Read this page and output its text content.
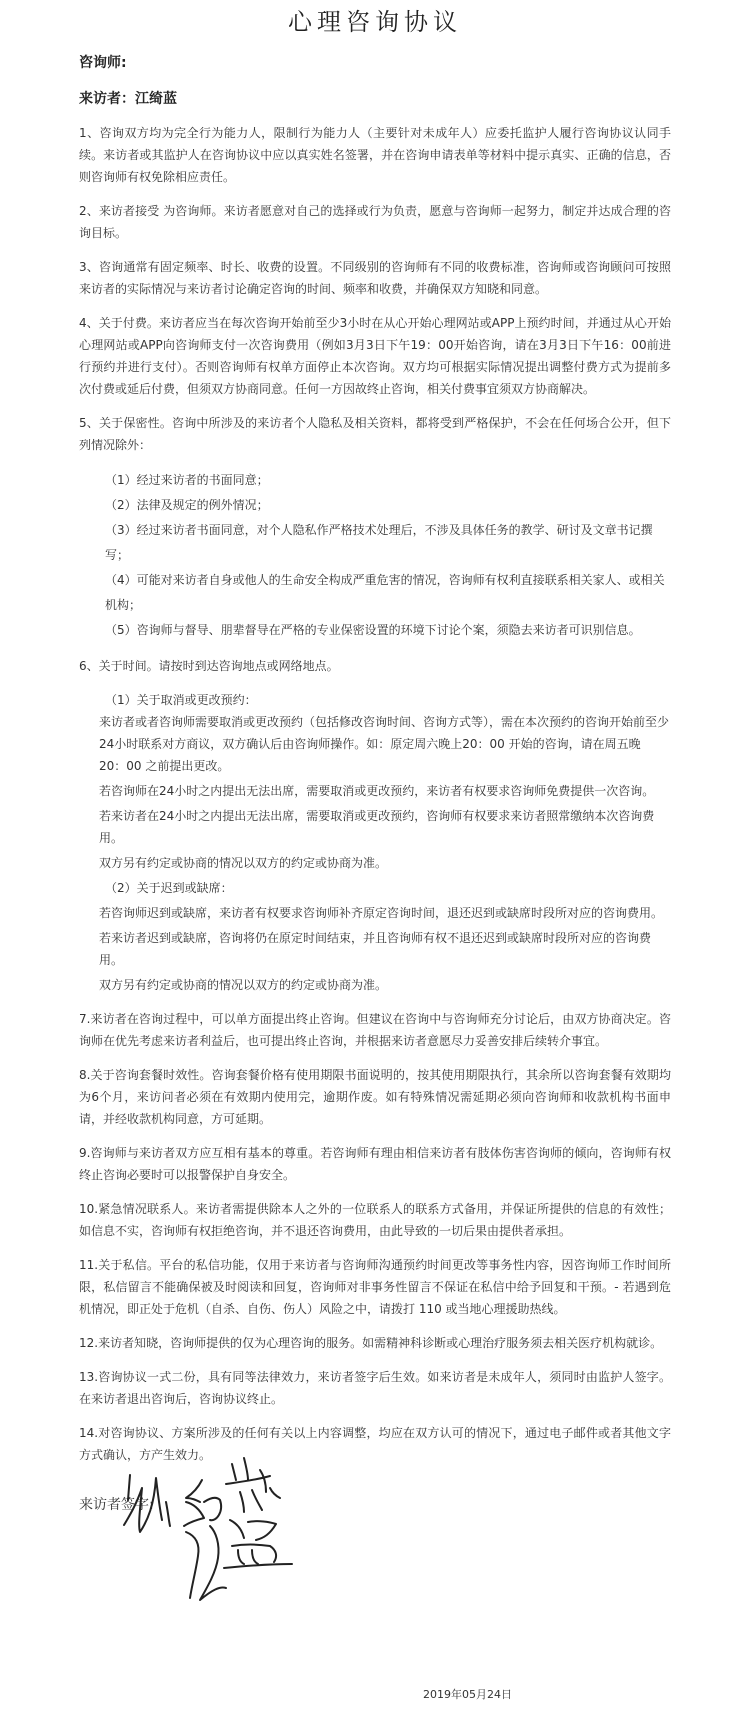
心理咨询协议
咨询师:
来访者：江绮蓝

1、咨询双方均为完全行为能力人，限制行为能力人（主要针对未成年人）应委托监护人履行咨询协议认同手续。来访者或其监护人在咨询协议中应以真实姓名签署，并在咨询申请表单等材料中提示真实、正确的信息，否则咨询师有权免除相应责任。

2、来访者接受 为咨询师。来访者愿意对自己的选择或行为负责，愿意与咨询师一起努力，制定并达成合理的咨询目标。

3、咨询通常有固定频率、时长、收费的设置。不同级别的咨询师有不同的收费标准，咨询师或咨询顾问可按照来访者的实际情况与来访者讨论确定咨询的时间、频率和收费，并确保双方知晓和同意。

4、关于付费。来访者应当在每次咨询开始前至少3小时在从心开始心理网站或APP上预约时间，并通过从心开始心理网站或APP向咨询师支付一次咨询费用（例如3月3日下午19：00开始咨询，请在3月3日下午16：00前进行预约并进行支付）。否则咨询师有权单方面停止本次咨询。双方均可根据实际情况提出调整付费方式为提前多次付费或延后付费，但须双方协商同意。任何一方因故终止咨询，相关付费事宜须双方协商解决。

5、关于保密性。咨询中所涉及的来访者个人隐私及相关资料，都将受到严格保护，不会在任何场合公开，但下列情况除外：

（1）经过来访者的书面同意；
（2）法律及规定的例外情况；
（3）经过来访者书面同意，对个人隐私作严格技术处理后，不涉及具体任务的教学、研讨及文章书记撰写；
（4）可能对来访者自身或他人的生命安全构成严重危害的情况，咨询师有权利直接联系相关家人、或相关机构；
（5）咨询师与督导、朋辈督导在严格的专业保密设置的环境下讨论个案，须隐去来访者可识别信息。

6、关于时间。请按时到达咨询地点或网络地点。

（1）关于取消或更改预约：
来访者或者咨询师需要取消或更改预约（包括修改咨询时间、咨询方式等），需在本次预约的咨询开始前至少24小时联系对方商议，双方确认后由咨询师操作。如：原定周六晚上20：00 开始的咨询，请在周五晚 20：00 之前提出更改。
若咨询师在24小时之内提出无法出席，需要取消或更改预约，来访者有权要求咨询师免费提供一次咨询。
若来访者在24小时之内提出无法出席，需要取消或更改预约，咨询师有权要求来访者照常缴纳本次咨询费用。
双方另有约定或协商的情况以双方的约定或协商为准。
（2）关于迟到或缺席：
若咨询师迟到或缺席，来访者有权要求咨询师补齐原定咨询时间，退还迟到或缺席时段所对应的咨询费用。
若来访者迟到或缺席，咨询将仍在原定时间结束，并且咨询师有权不退还迟到或缺席时段所对应的咨询费用。
双方另有约定或协商的情况以双方的约定或协商为准。

7.来访者在咨询过程中，可以单方面提出终止咨询。但建议在咨询中与咨询师充分讨论后，由双方协商决定。咨询师在优先考虑来访者利益后，也可提出终止咨询，并根据来访者意愿尽力妥善安排后续转介事宜。

8.关于咨询套餐时效性。咨询套餐价格有使用期限书面说明的，按其使用期限执行，其余所以咨询套餐有效期均为6个月，来访问者必须在有效期内使用完，逾期作废。如有特殊情况需延期必须向咨询师和收款机构书面申请，并经收款机构同意，方可延期。

9.咨询师与来访者双方应互相有基本的尊重。若咨询师有理由相信来访者有肢体伤害咨询师的倾向，咨询师有权终止咨询必要时可以报警保护自身安全。

10.紧急情况联系人。来访者需提供除本人之外的一位联系人的联系方式备用，并保证所提供的信息的有效性；如信息不实，咨询师有权拒绝咨询，并不退还咨询费用，由此导致的一切后果由提供者承担。

11.关于私信。平台的私信功能，仅用于来访者与咨询师沟通预约时间更改等事务性内容，因咨询师工作时间所限，私信留言不能确保被及时阅读和回复，咨询师对非事务性留言不保证在私信中给予回复和干预。- 若遇到危机情况，即正处于危机（自杀、自伤、伤人）风险之中，请拨打 110 或当地心理援助热线。

12.来访者知晓，咨询师提供的仅为心理咨询的服务。如需精神科诊断或心理治疗服务须去相关医疗机构就诊。

13.咨询协议一式二份，具有同等法律效力，来访者签字后生效。如来访者是未成年人，须同时由监护人签字。在来访者退出咨询后，咨询协议终止。

14.对咨询协议、方案所涉及的任何有关以上内容调整，均应在双方认可的情况下，通过电子邮件或者其他文字方式确认，方产生效力。

来访者签字:
2019年05月24日
